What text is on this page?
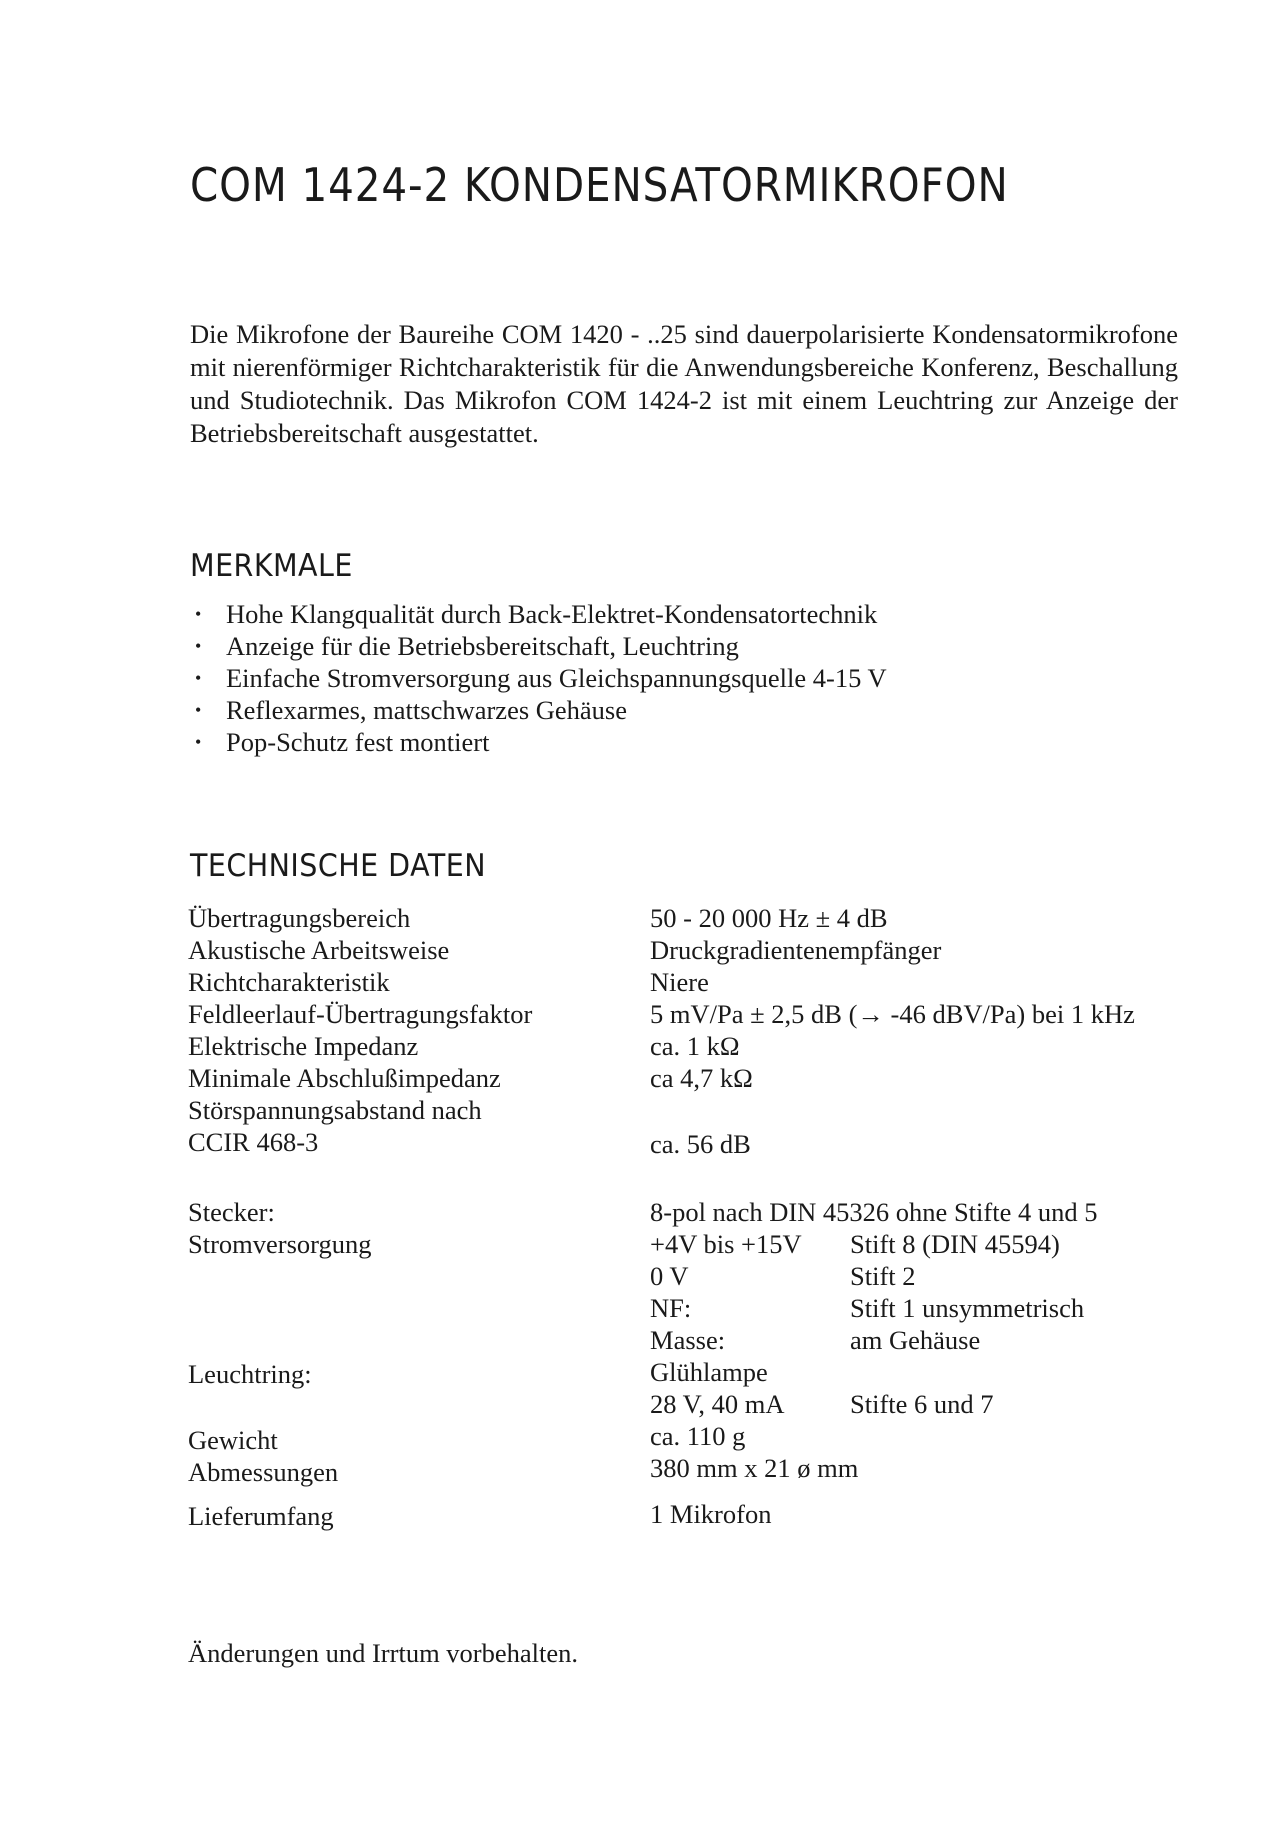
COM 1424-2 KONDENSATORMIKROFON

Die Mikrofone der Baureihe COM 1420 - ..25 sind dauerpolarisierte Kondensatormikrofone mit nierenförmiger Richtcharakteristik für die Anwendungsbereiche Konferenz, Beschallung und Studiotechnik. Das Mikrofon COM 1424-2 ist mit einem Leuchtring zur Anzeige der Betriebsbereitschaft ausgestattet.

MERKMALE
• Hohe Klangqualität durch Back-Elektret-Kondensatortechnik
• Anzeige für die Betriebsbereitschaft, Leuchtring
• Einfache Stromversorgung aus Gleichspannungsquelle 4-15 V
• Reflexarmes, mattschwarzes Gehäuse
• Pop-Schutz fest montiert
TECHNISCHE DATEN

Übertragungsbereich

Akustische Arbeitsweise

Richtcharakteristik

Feldleerlauf-Übertragungsfaktor

Elektrische Impedanz

Minimale Abschlußimpedanz

Störspannungsabstand nach

CCIR 468-3

Stecker:

Stromversorgung

Leuchtring:

Gewicht

Abmessungen

Lieferumfang

50 - 20 000 Hz ± 4 dB

Druckgradientenempfänger

Niere

5 mV/Pa ± 2,5 dB (→ -46 dBV/Pa) bei 1 kHz

ca. 1 kΩ

ca 4,7 kΩ

ca. 56 dB

8-pol nach DIN 45326 ohne Stifte 4 und 5

+4V bis +15V

0 V

NF:

Masse:

Glühlampe

28 V, 40 mA

ca. 110 g

380 mm x 21 ø mm

1 Mikrofon

Stift 8 (DIN 45594)

Stift 2

Stift 1 unsymmetrisch

am Gehäuse

Stifte 6 und 7

Änderungen und Irrtum vorbehalten.
